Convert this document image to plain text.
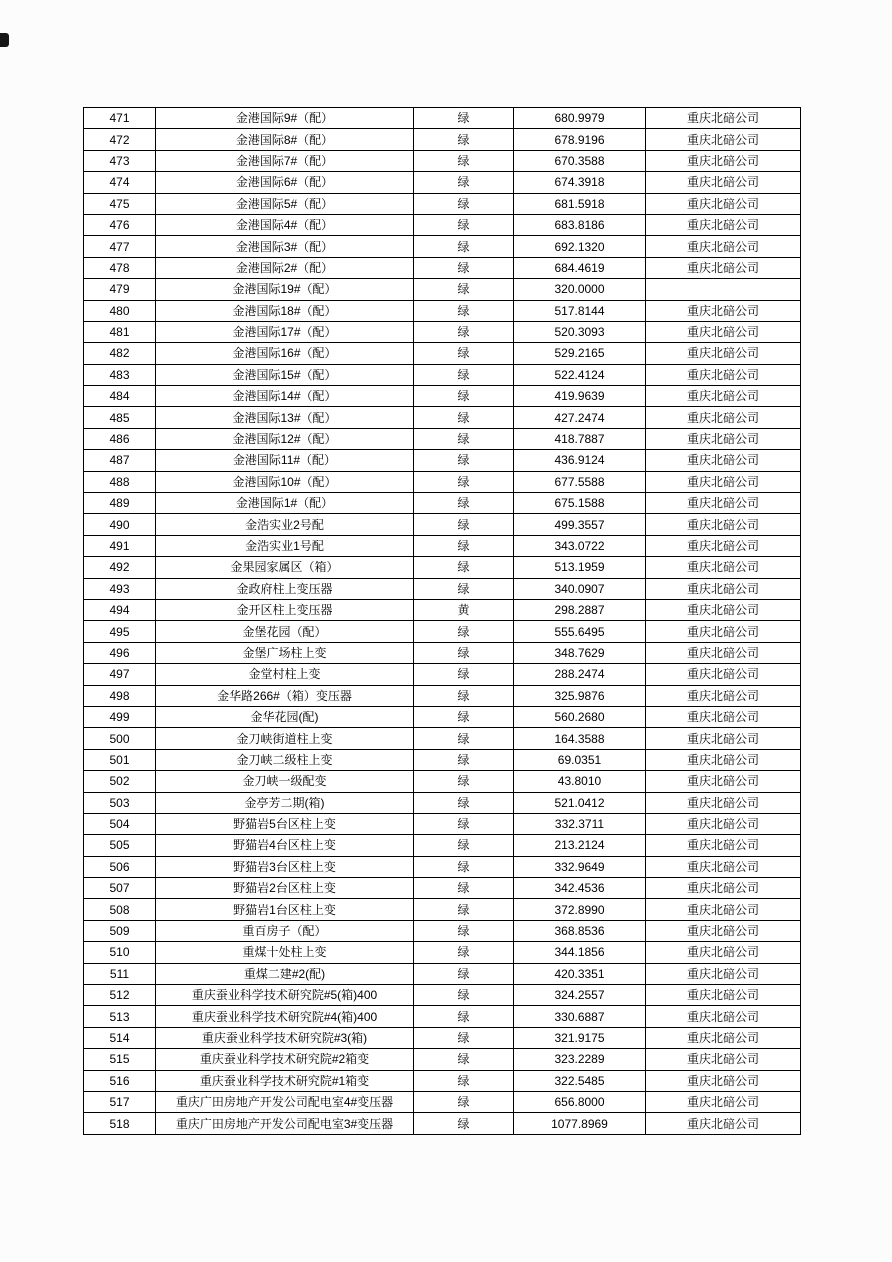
471	金港国际9#（配）	绿	680.9979	重庆北碚公司
472	金港国际8#（配）	绿	678.9196	重庆北碚公司
473	金港国际7#（配）	绿	670.3588	重庆北碚公司
474	金港国际6#（配）	绿	674.3918	重庆北碚公司
475	金港国际5#（配）	绿	681.5918	重庆北碚公司
476	金港国际4#（配）	绿	683.8186	重庆北碚公司
477	金港国际3#（配）	绿	692.1320	重庆北碚公司
478	金港国际2#（配）	绿	684.4619	重庆北碚公司
479	金港国际19#（配）	绿	320.0000	
480	金港国际18#（配）	绿	517.8144	重庆北碚公司
481	金港国际17#（配）	绿	520.3093	重庆北碚公司
482	金港国际16#（配）	绿	529.2165	重庆北碚公司
483	金港国际15#（配）	绿	522.4124	重庆北碚公司
484	金港国际14#（配）	绿	419.9639	重庆北碚公司
485	金港国际13#（配）	绿	427.2474	重庆北碚公司
486	金港国际12#（配）	绿	418.7887	重庆北碚公司
487	金港国际11#（配）	绿	436.9124	重庆北碚公司
488	金港国际10#（配）	绿	677.5588	重庆北碚公司
489	金港国际1#（配）	绿	675.1588	重庆北碚公司
490	金浩实业2号配	绿	499.3557	重庆北碚公司
491	金浩实业1号配	绿	343.0722	重庆北碚公司
492	金果园家属区（箱）	绿	513.1959	重庆北碚公司
493	金政府柱上变压器	绿	340.0907	重庆北碚公司
494	金开区柱上变压器	黄	298.2887	重庆北碚公司
495	金堡花园（配）	绿	555.6495	重庆北碚公司
496	金堡广场柱上变	绿	348.7629	重庆北碚公司
497	金堂村柱上变	绿	288.2474	重庆北碚公司
498	金华路266#（箱）变压器	绿	325.9876	重庆北碚公司
499	金华花园(配)	绿	560.2680	重庆北碚公司
500	金刀峡街道柱上变	绿	164.3588	重庆北碚公司
501	金刀峡二级柱上变	绿	69.0351	重庆北碚公司
502	金刀峡一级配变	绿	43.8010	重庆北碚公司
503	金亭芳二期(箱)	绿	521.0412	重庆北碚公司
504	野猫岩5台区柱上变	绿	332.3711	重庆北碚公司
505	野猫岩4台区柱上变	绿	213.2124	重庆北碚公司
506	野猫岩3台区柱上变	绿	332.9649	重庆北碚公司
507	野猫岩2台区柱上变	绿	342.4536	重庆北碚公司
508	野猫岩1台区柱上变	绿	372.8990	重庆北碚公司
509	重百房子（配）	绿	368.8536	重庆北碚公司
510	重煤十处柱上变	绿	344.1856	重庆北碚公司
511	重煤二建#2(配)	绿	420.3351	重庆北碚公司
512	重庆蚕业科学技术研究院#5(箱)400	绿	324.2557	重庆北碚公司
513	重庆蚕业科学技术研究院#4(箱)400	绿	330.6887	重庆北碚公司
514	重庆蚕业科学技术研究院#3(箱)	绿	321.9175	重庆北碚公司
515	重庆蚕业科学技术研究院#2箱变	绿	323.2289	重庆北碚公司
516	重庆蚕业科学技术研究院#1箱变	绿	322.5485	重庆北碚公司
517	重庆广田房地产开发公司配电室4#变压器	绿	656.8000	重庆北碚公司
518	重庆广田房地产开发公司配电室3#变压器	绿	1077.8969	重庆北碚公司
